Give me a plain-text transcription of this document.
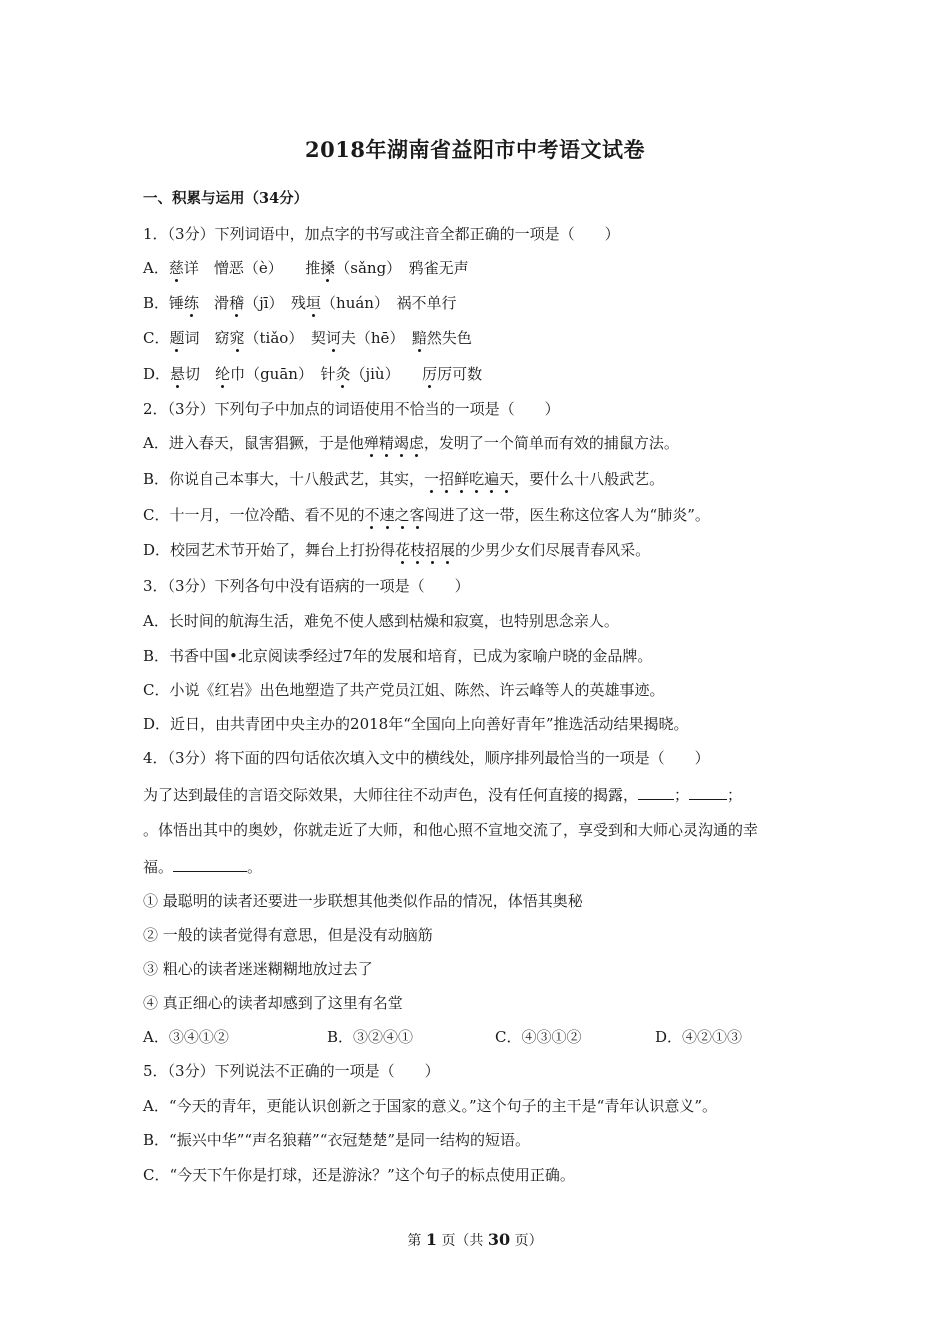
2018年湖南省益阳市中考语文试卷
一、积累与运用（34分）
1．（3分）下列词语中，加点字的书写或注音全都正确的一项是（　　）
A．慈详　憎恶（è）　　推搡（sǎng）　鸦雀无声
B．锤练　滑稽（jī）　残垣（huán）　祸不单行
C．题词　窈窕（tiǎo）　契诃夫（hē）　黯然失色
D．悬切　纶巾（guān）　针灸（jiù）　　厉厉可数
2．（3分）下列句子中加点的词语使用不恰当的一项是（　　）
A．进入春天，鼠害猖獗，于是他殚精竭虑，发明了一个简单而有效的捕鼠方法。
B．你说自己本事大，十八般武艺，其实，一招鲜吃遍天，要什么十八般武艺。
C．十一月，一位冷酷、看不见的不速之客闯进了这一带，医生称这位客人为“肺炎”。
D．校园艺术节开始了，舞台上打扮得花枝招展的少男少女们尽展青春风采。
3．（3分）下列各句中没有语病的一项是（　　）
A．长时间的航海生活，难免不使人感到枯燥和寂寞，也特别思念亲人。
B．书香中国•北京阅读季经过7年的发展和培育，已成为家喻户晓的金品牌。
C．小说《红岩》出色地塑造了共产党员江姐、陈然、许云峰等人的英雄事迹。
D．近日，由共青团中央主办的2018年“全国向上向善好青年”推选活动结果揭晓。
4．（3分）将下面的四句话依次填入文中的横线处，顺序排列最恰当的一项是（　　）
为了达到最佳的言语交际效果，大师往往不动声色，没有任何直接的揭露， ；	；
。体悟出其中的奥妙，你就走近了大师，和他心照不宣地交流了，享受到和大师心灵沟通的幸
福。	。
① 最聪明的读者还要进一步联想其他类似作品的情况，体悟其奥秘
② 一般的读者觉得有意思，但是没有动脑筋
③ 粗心的读者迷迷糊糊地放过去了
④ 真正细心的读者却感到了这里有名堂
A．③④①②	B．③②④①	C．④③①②	D．④②①③
5．（3分）下列说法不正确的一项是（　　）
A．“今天的青年，更能认识创新之于国家的意义。”这个句子的主干是“青年认识意义”。
B．“振兴中华”“声名狼藉”“衣冠楚楚”是同一结构的短语。
C．“今天下午你是打球，还是游泳？”这个句子的标点使用正确。
第 1 页（共 30 页）
